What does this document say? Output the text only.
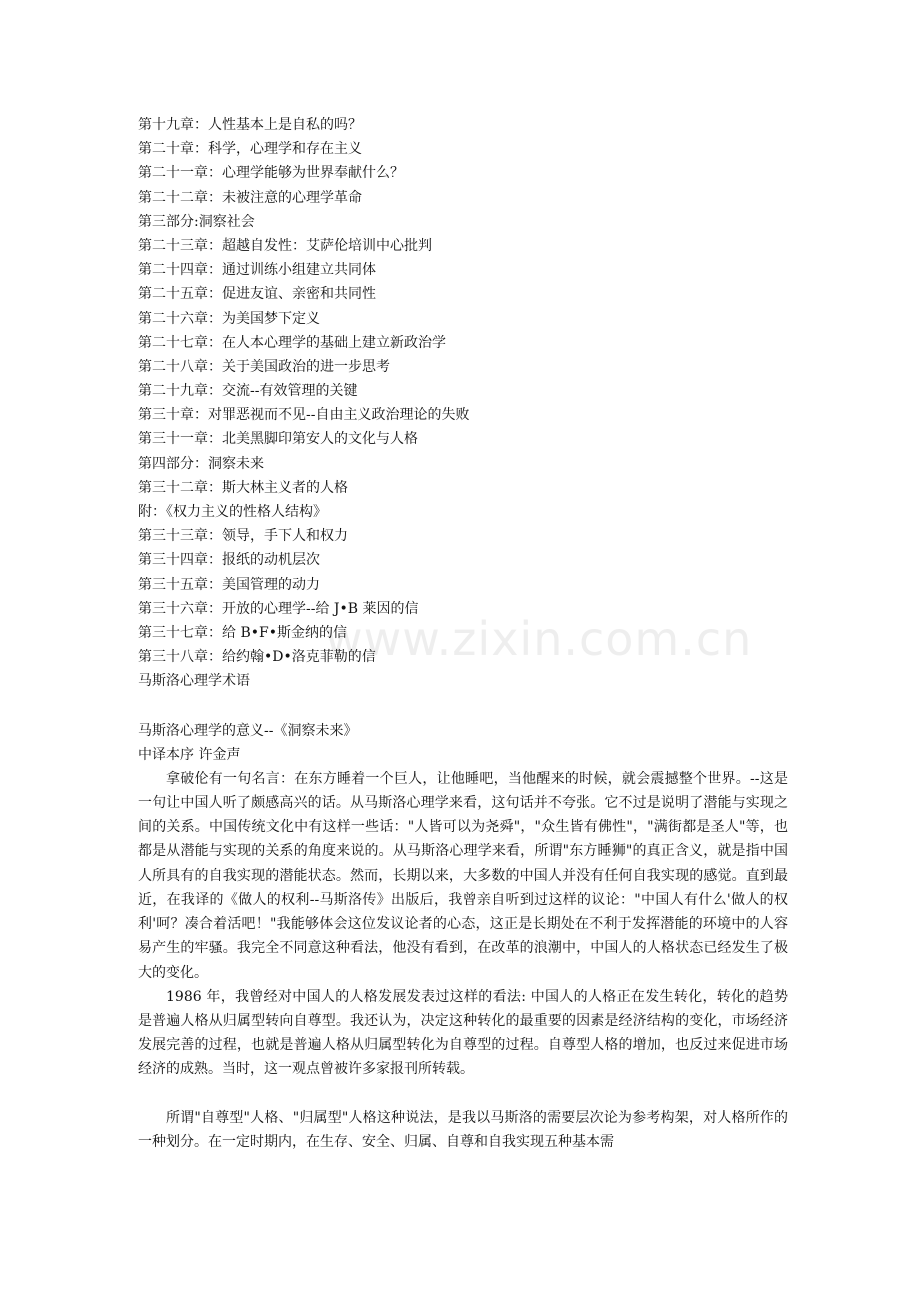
www.zixin.com.cn
第十九章：人性基本上是自私的吗？
第二十章：科学，心理学和存在主义
第二十一章：心理学能够为世界奉献什么？
第二十二章：未被注意的心理学革命
第三部分:洞察社会
第二十三章：超越自发性：艾萨伦培训中心批判
第二十四章：通过训练小组建立共同体
第二十五章：促进友谊、亲密和共同性
第二十六章：为美国梦下定义
第二十七章：在人本心理学的基础上建立新政治学
第二十八章：关于美国政治的进一步思考
第二十九章：交流--有效管理的关键
第三十章：对罪恶视而不见--自由主义政治理论的失败
第三十一章：北美黑脚印第安人的文化与人格
第四部分：洞察未来
第三十二章：斯大林主义者的人格
附：《权力主义的性格人结构》
第三十三章：领导，手下人和权力
第三十四章：报纸的动机层次
第三十五章：美国管理的动力
第三十六章：开放的心理学--给 J•B 莱因的信
第三十七章：给 B•F•斯金纳的信
第三十八章：给约翰•D•洛克菲勒的信
马斯洛心理学术语
马斯洛心理学的意义--《洞察未来》
中译本序 许金声

拿破伦有一句名言：在东方睡着一个巨人，让他睡吧，当他醒来的时候，就会震撼整个世界。--这是一句让中国人听了颇感高兴的话。从马斯洛心理学来看，这句话并不夸张。它不过是说明了潜能与实现之间的关系。中国传统文化中有这样一些话："人皆可以为尧舜"，"众生皆有佛性"，"满街都是圣人"等，也都是从潜能与实现的关系的角度来说的。从马斯洛心理学来看，所谓"东方睡狮"的真正含义，就是指中国人所具有的自我实现的潜能状态。然而，长期以来，大多数的中国人并没有任何自我实现的感觉。直到最近，在我译的《做人的权利--马斯洛传》出版后，我曾亲自听到过这样的议论："中国人有什么'做人的权利'呵？凑合着活吧！"我能够体会这位发议论者的心态，这正是长期处在不利于发挥潜能的环境中的人容易产生的牢骚。我完全不同意这种看法，他没有看到，在改革的浪潮中，中国人的人格状态已经发生了极大的变化。

1986 年，我曾经对中国人的人格发展发表过这样的看法: 中国人的人格正在发生转化，转化的趋势是普遍人格从归属型转向自尊型。我还认为，决定这种转化的最重要的因素是经济结构的变化，市场经济发展完善的过程，也就是普遍人格从归属型转化为自尊型的过程。自尊型人格的增加，也反过来促进市场经济的成熟。当时，这一观点曾被许多家报刊所转载。

所谓"自尊型"人格、"归属型"人格这种说法，是我以马斯洛的需要层次论为参考构架，对人格所作的一种划分。在一定时期内，在生存、安全、归属、自尊和自我实现五种基本需
